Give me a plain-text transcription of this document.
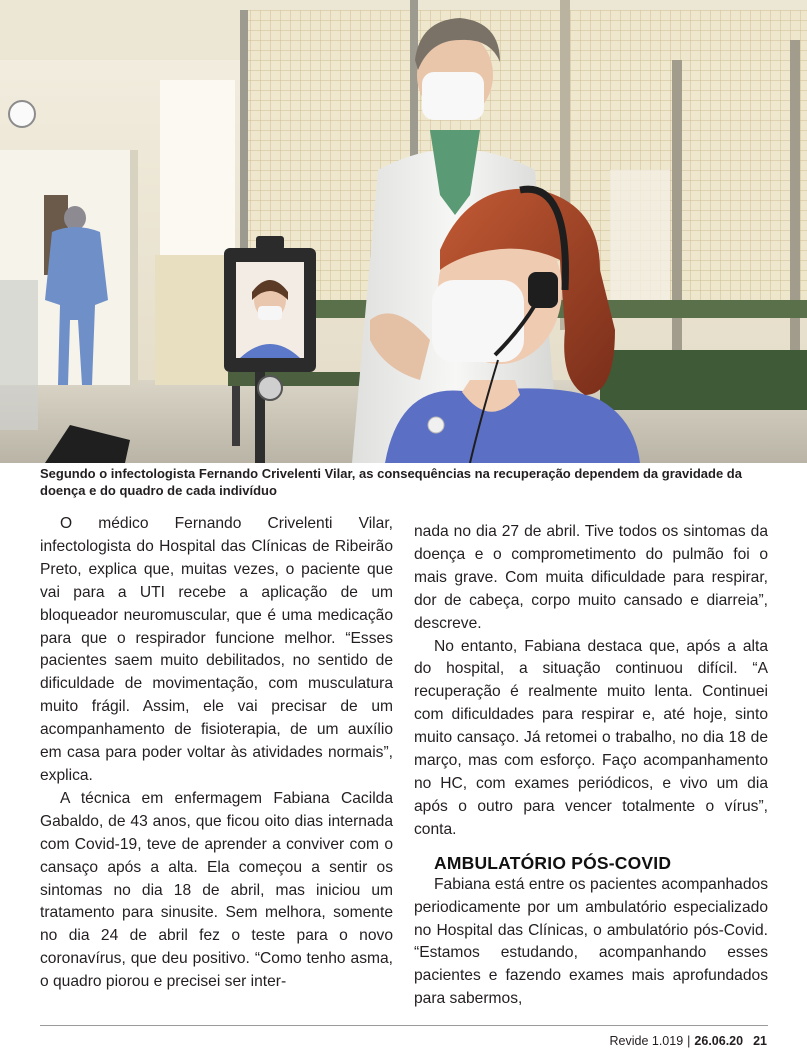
Segundo o infectologista Fernando Crivelenti Vilar, as consequências na recuperação dependem da gravidade da doença e do quadro de cada indivíduo

O médico Fernando Crivelenti Vilar, infectologista do Hospital das Clínicas de Ribeirão Preto, explica que, muitas vezes, o paciente que vai para a UTI recebe a aplicação de um bloqueador neuromuscular, que é uma medicação para que o respirador funcione melhor. “Esses pacientes saem muito debilitados, no sentido de dificuldade de movimentação, com musculatura muito frágil. Assim, ele vai precisar de um acompanhamento de fisioterapia, de um auxílio em casa para poder voltar às atividades normais”, explica.

A técnica em enfermagem Fabiana Cacilda Gabaldo, de 43 anos, que ficou oito dias internada com Covid-19, teve de aprender a conviver com o cansaço após a alta. Ela começou a sentir os sintomas no dia 18 de abril, mas iniciou um tratamento para sinusite. Sem melhora, somente no dia 24 de abril fez o teste para o novo coronavírus, que deu positivo. “Como tenho asma, o quadro piorou e precisei ser inter-

nada no dia 27 de abril. Tive todos os sintomas da doença e o comprometimento do pulmão foi o mais grave. Com muita dificuldade para respirar, dor de cabeça, corpo muito cansado e diarreia”, descreve.

No entanto, Fabiana destaca que, após a alta do hospital, a situação continuou difícil. “A recuperação é realmente muito lenta. Continuei com dificuldades para respirar e, até hoje, sinto muito cansaço. Já retomei o trabalho, no dia 18 de março, mas com esforço. Faço acompanhamento no HC, com exames periódicos, e vivo um dia após o outro para vencer totalmente o vírus”, conta.

AMBULATÓRIO PÓS-COVID

Fabiana está entre os pacientes acompanhados periodicamente por um ambulatório especializado no Hospital das Clínicas, o ambulatório pós-Covid. “Estamos estudando, acompanhando esses pacientes e fazendo exames mais aprofundados para sabermos,

Revide 1.019 | 26.06.20 21
